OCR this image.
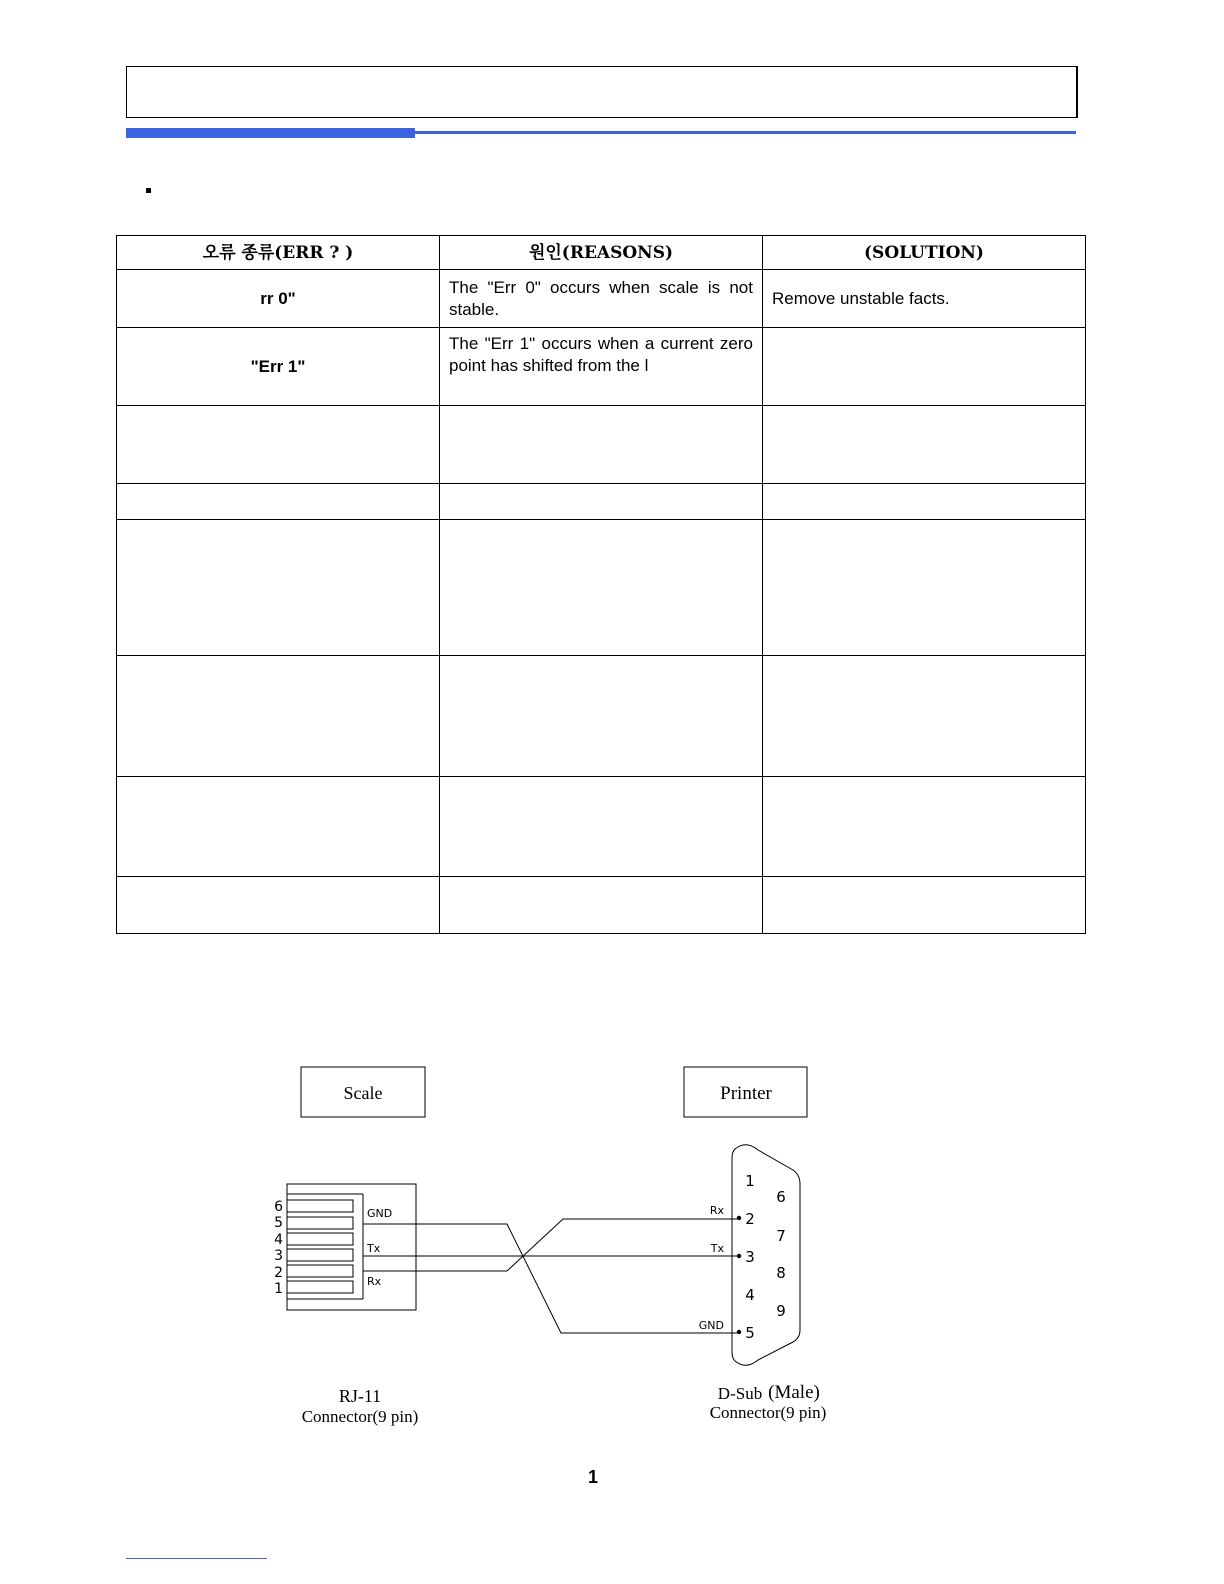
오류 종류(ERR ? )	원인(REASONS)	(SOLUTION)
rr 0"	The "Err 0" occurs when scale is not stable.	Remove unstable facts.
"Err 1"	The "Err 1" occurs when a current zero point has shifted from the l	

Scale	Printer
6
5
4
3
2
1
GND
Tx
Rx
1
2
3
4
5
6
7
8
9
Rx
Tx
GND
RJ-11
Connector(9 pin)
D-Sub (Male)
Connector(9 pin)
1
